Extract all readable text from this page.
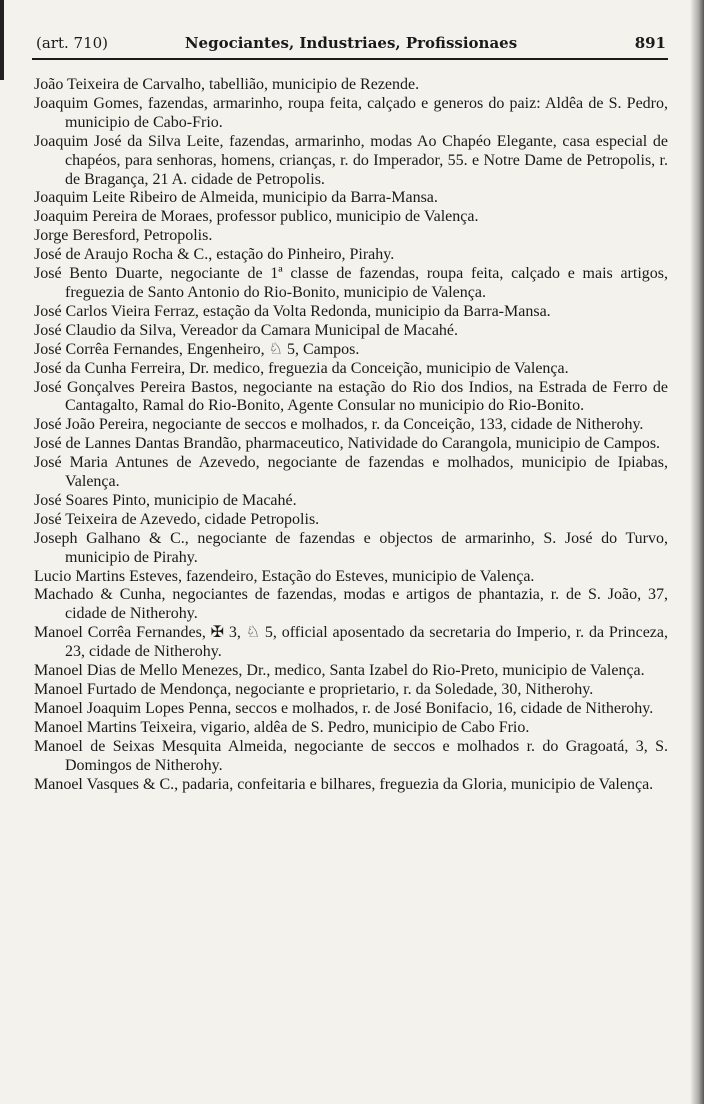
Negociantes, Industriaes, Profissionaes
(art. 710)	891

João Teixeira de Carvalho, tabellião, municipio de Rezende.

Joaquim Gomes, fazendas, armarinho, roupa feita, calçado e generos do paiz: Aldêa de S. Pedro, municipio de Cabo-Frio.

Joaquim José da Silva Leite, fazendas, armarinho, modas Ao Chapéo Elegante, casa especial de chapéos, para senhoras, homens, crianças, r. do Imperador, 55. e Notre Dame de Petropolis, r. de Bragança, 21 A. cidade de Petropolis.

Joaquim Leite Ribeiro de Almeida, municipio da Barra-Mansa.

Joaquim Pereira de Moraes, professor publico, municipio de Valença.

Jorge Beresford, Petropolis.

José de Araujo Rocha & C., estação do Pinheiro, Pirahy.

José Bento Duarte, negociante de 1ª classe de fazendas, roupa feita, calçado e mais artigos, freguezia de Santo Antonio do Rio-Bonito, municipio de Valença.

José Carlos Vieira Ferraz, estação da Volta Redonda, municipio da Barra-Mansa.

José Claudio da Silva, Vereador da Camara Municipal de Macahé.

José Corrêa Fernandes, Engenheiro, ♘ 5, Campos.

José da Cunha Ferreira, Dr. medico, freguezia da Conceição, municipio de Valença.

José Gonçalves Pereira Bastos, negociante na estação do Rio dos Indios, na Estrada de Ferro de Cantagalto, Ramal do Rio-Bonito, Agente Consular no municipio do Rio-Bonito.

José João Pereira, negociante de seccos e molhados, r. da Conceição, 133, cidade de Nitherohy.

José de Lannes Dantas Brandão, pharmaceutico, Natividade do Carangola, municipio de Campos.

José Maria Antunes de Azevedo, negociante de fazendas e molhados, municipio de Ipiabas, Valença.

José Soares Pinto, municipio de Macahé.

José Teixeira de Azevedo, cidade Petropolis.

Joseph Galhano & C., negociante de fazendas e objectos de armarinho, S. José do Turvo, municipio de Pirahy.

Lucio Martins Esteves, fazendeiro, Estação do Esteves, municipio de Valença.

Machado & Cunha, negociantes de fazendas, modas e artigos de phantazia, r. de S. João, 37, cidade de Nitherohy.

Manoel Corrêa Fernandes, ✠ 3, ♘ 5, official aposentado da secretaria do Imperio, r. da Princeza, 23, cidade de Nitherohy.

Manoel Dias de Mello Menezes, Dr., medico, Santa Izabel do Rio-Preto, municipio de Valença.

Manoel Furtado de Mendonça, negociante e proprietario, r. da Soledade, 30, Nitherohy.

Manoel Joaquim Lopes Penna, seccos e molhados, r. de José Bonifacio, 16, cidade de Nitherohy.

Manoel Martins Teixeira, vigario, aldêa de S. Pedro, municipio de Cabo Frio.

Manoel de Seixas Mesquita Almeida, negociante de seccos e molhados r. do Gragoatá, 3, S. Domingos de Nitherohy.

Manoel Vasques & C., padaria, confeitaria e bilhares, freguezia da Gloria, municipio de Valença.
